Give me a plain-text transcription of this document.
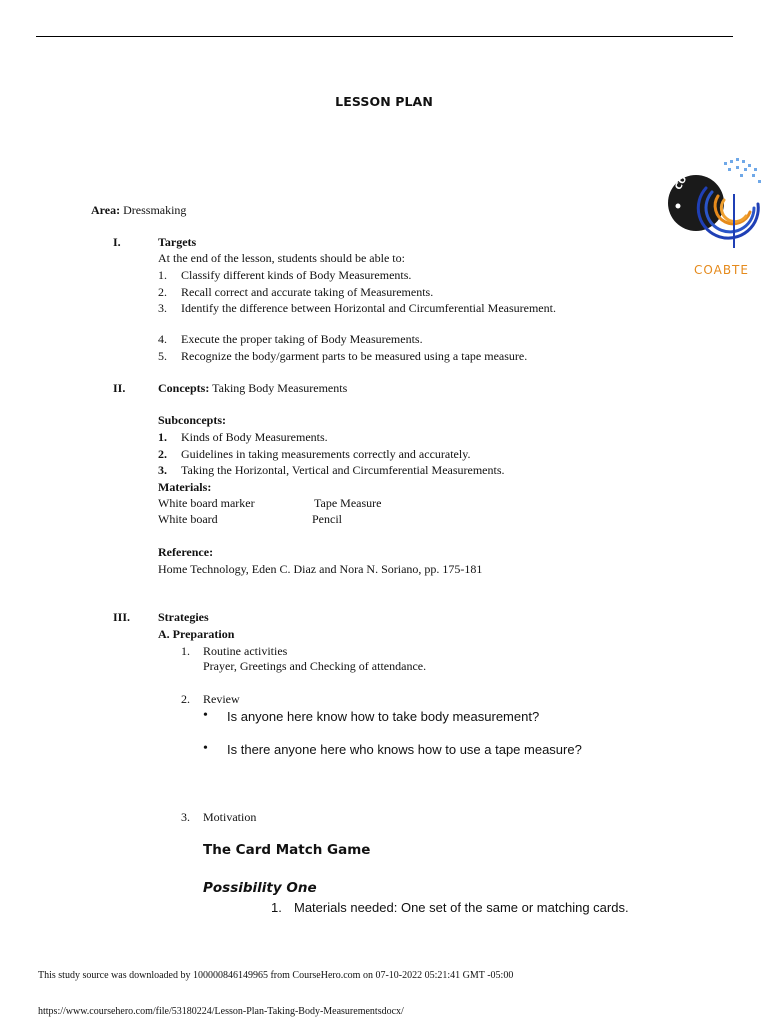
LESSON PLAN
CO
COABTE
Area: Dressmaking
I.	Targets
At the end of the lesson, students should be able to:
1. Classify different kinds of Body Measurements.
2. Recall correct and accurate taking of Measurements.
3. Identify the difference between Horizontal and Circumferential Measurement.
4. Execute the proper taking of Body Measurements.
5. Recognize the body/garment parts to be measured using a tape measure.
II.	Concepts: Taking Body Measurements
Subconcepts:
1. Kinds of Body Measurements.
2. Guidelines in taking measurements correctly and accurately.
3. Taking the Horizontal, Vertical and Circumferential Measurements.
Materials:
White board marker	Tape Measure
White board	Pencil
Reference:
Home Technology, Eden C. Diaz and Nora N. Soriano, pp. 175-181
III. Strategies
A. Preparation
1. Routine activities
Prayer, Greetings and Checking of attendance.
2. Review
• Is anyone here know how to take body measurement?
• Is there anyone here who knows how to use a tape measure?
3. Motivation
The Card Match Game
Possibility One
1. Materials needed: One set of the same or matching cards.
This study source was downloaded by 100000846149965 from CourseHero.com on 07-10-2022 05:21:41 GMT -05:00
https://www.coursehero.com/file/53180224/Lesson-Plan-Taking-Body-Measurementsdocx/
